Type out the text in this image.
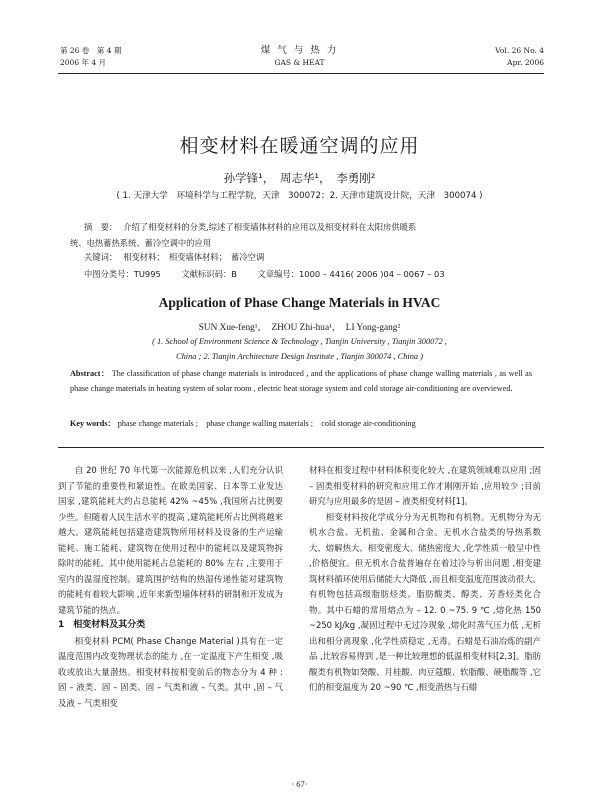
第 26 卷　第 4 期
2006 年 4 月
煤 气 与 热 力
GAS & HEAT
Vol. 26 No. 4
Apr. 2006
相变材料在暖通空调的应用
孙学锋¹，　周志华¹，　李勇刚²
( 1. 天津大学　环境科学与工程学院，天津　300072；2. 天津市建筑设计院，天津　300074 )
摘　要： 介绍了相变材料的分类,综述了相变墙体材料的应用以及相变材料在太阳房供暖系
统、电热蓄热系统、蓄冷空调中的应用
关键词： 相变材料；　相变墙体材料；　蓄冷空调
中图分类号：TU995 文献标识码：B 文章编号：1000 – 4416( 2006 )04 – 0067 – 03
Application of Phase Change Materials in HVAC
SUN Xue-feng¹，　ZHOU Zhi-hua¹，　LI Yong-gang²
( 1. School of Environment Science & Technology , Tianjin University , Tianjin 300072 ,
China ; 2. Tianjin Architecture Design Institute , Tianjin 300074 , China )
Abstract： The classification of phase change materials is introduced , and the applications of phase change walling materials , as well as phase change materials in heating system of solar room , electric heat storage system and cold storage air-conditioning are overviewed.
Key words： phase change materials ;　phase change walling materials ;　cold storage air-conditioning

自 20 世纪 70 年代第一次能源危机以来 ,人们充分认识到了节能的重要性和紧迫性。在欧美国家、日本等工业发达国家 ,建筑能耗大约占总能耗 42% ~45% ,我国所占比例要少些。但随着人民生活水平的提高 ,建筑能耗所占比例将越来越大。建筑能耗包括建造建筑物所用材料及设备的生产运输能耗、施工能耗、建筑物在使用过程中的能耗以及建筑物拆除时的能耗。其中使用能耗占总能耗的 80% 左右 ,主要用于室内的温湿度控制。建筑围护结构的热湿传递性能对建筑物的能耗有着较大影响 ,近年来新型墙体材料的研制和开发成为建筑节能的热点。

1　相变材料及其分类

相变材料 PCM( Phase Change Material )具有在一定温度范围内改变物理状态的能力 ,在一定温度下产生相变 ,吸收或放出大量潜热。相变材料按相变前后的物态分为 4 种 :固 – 液类、固 – 固类、固 – 气类和液 – 气类。其中 ,固 – 气及液 – 气类相变

材料在相变过程中材料体积变化较大 ,在建筑领域难以应用 ;固 – 固类相变材料的研究和应用工作才刚刚开始 ,应用较少 ;目前研究与应用最多的是固 – 液类相变材料[1]。

相变材料按化学成分分为无机物和有机物。无机物分为无机水合盐、无机盐、金属和合金。无机水合盐类的导热系数大、熔解热大、相变密度大、储热密度大 ,化学性质一般呈中性 ,价格便宜。但无机水合盐普遍存在着过冷与析出问题 ,相变建筑材料循环使用后储能大大降低 ,而且相变温度范围波动很大。有机物包括高级脂肪烃类、脂肪酸类、醇类、芳香烃类化合物。其中石蜡的常用熔点为 – 12. 0 ~75. 9 ℃ ,熔化热 150 ~250 kJ/kg ,凝固过程中无过冷现象 ,熔化时蒸气压力低 ,无析出和相分离现象 ,化学性质稳定 ,无毒。石蜡是石油冶炼的副产品 ,比较容易得到 ,是一种比较理想的低温相变材料[2,3]。脂肪酸类有机物如癸酸、月桂酸、肉豆蔻酸、软脂酸、硬脂酸等 ,它们的相变温度为 20 ~90 ℃ ,相变潜热与石蜡

· 67·
